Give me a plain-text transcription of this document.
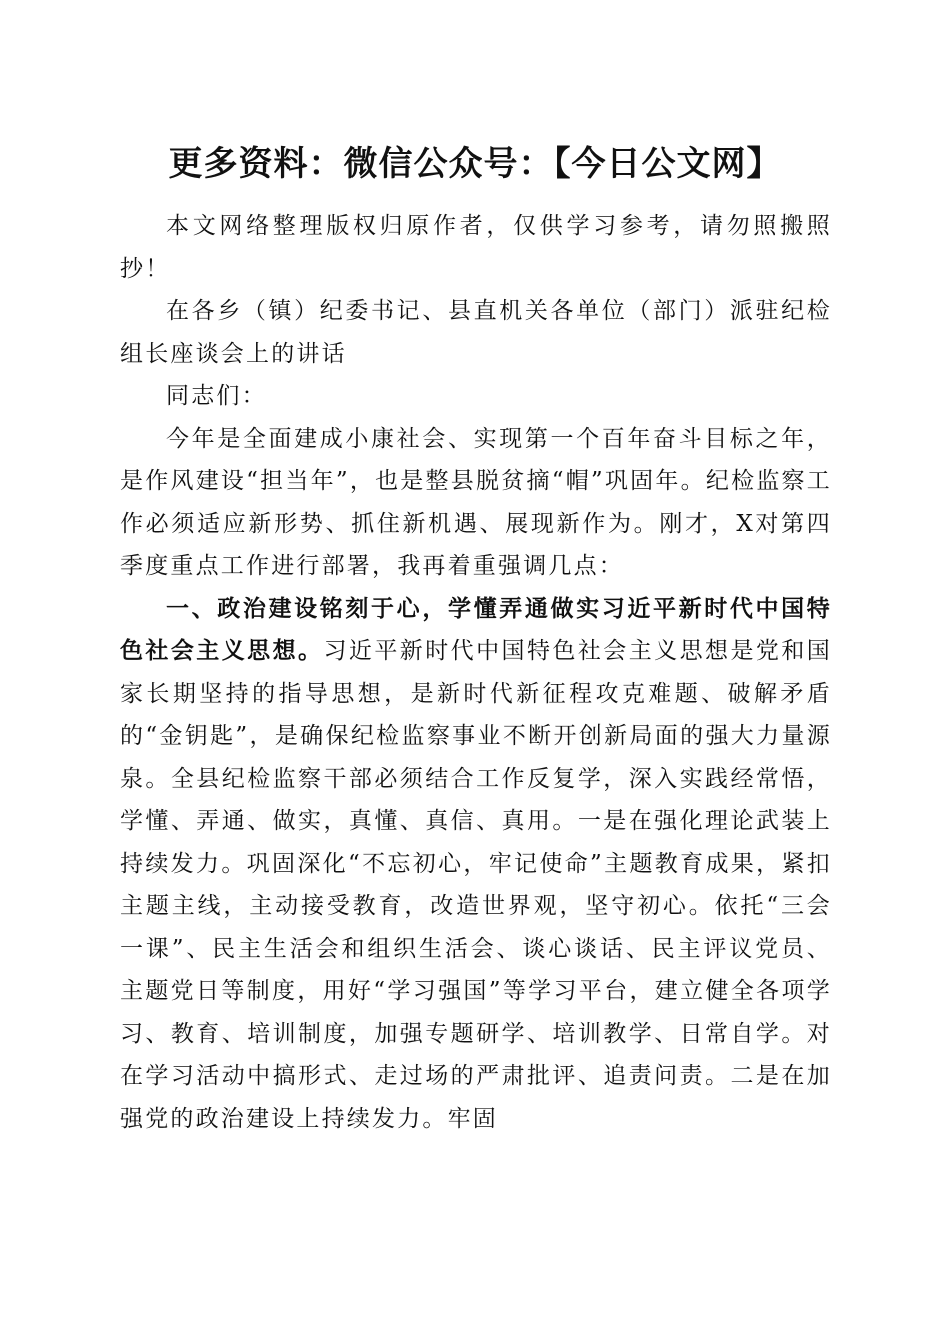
更多资料：微信公众号：【今日公文网】

本文网络整理版权归原作者，仅供学习参考，请勿照搬照抄！

在各乡（镇）纪委书记、县直机关各单位（部门）派驻纪检组长座谈会上的讲话

同志们：

今年是全面建成小康社会、实现第一个百年奋斗目标之年，是作风建设“担当年”，也是整县脱贫摘“帽”巩固年。纪检监察工作必须适应新形势、抓住新机遇、展现新作为。刚才，X对第四季度重点工作进行部署，我再着重强调几点：

一、政治建设铭刻于心，学懂弄通做实习近平新时代中国特色社会主义思想。习近平新时代中国特色社会主义思想是党和国家长期坚持的指导思想，是新时代新征程攻克难题、破解矛盾的“金钥匙”，是确保纪检监察事业不断开创新局面的强大力量源泉。全县纪检监察干部必须结合工作反复学，深入实践经常悟，学懂、弄通、做实，真懂、真信、真用。一是在强化理论武装上持续发力。巩固深化“不忘初心，牢记使命”主题教育成果，紧扣主题主线，主动接受教育，改造世界观，坚守初心。依托“三会一课”、民主生活会和组织生活会、谈心谈话、民主评议党员、主题党日等制度，用好“学习强国”等学习平台，建立健全各项学习、教育、培训制度，加强专题研学、培训教学、日常自学。对在学习活动中搞形式、走过场的严肃批评、追责问责。二是在加强党的政治建设上持续发力。牢固
